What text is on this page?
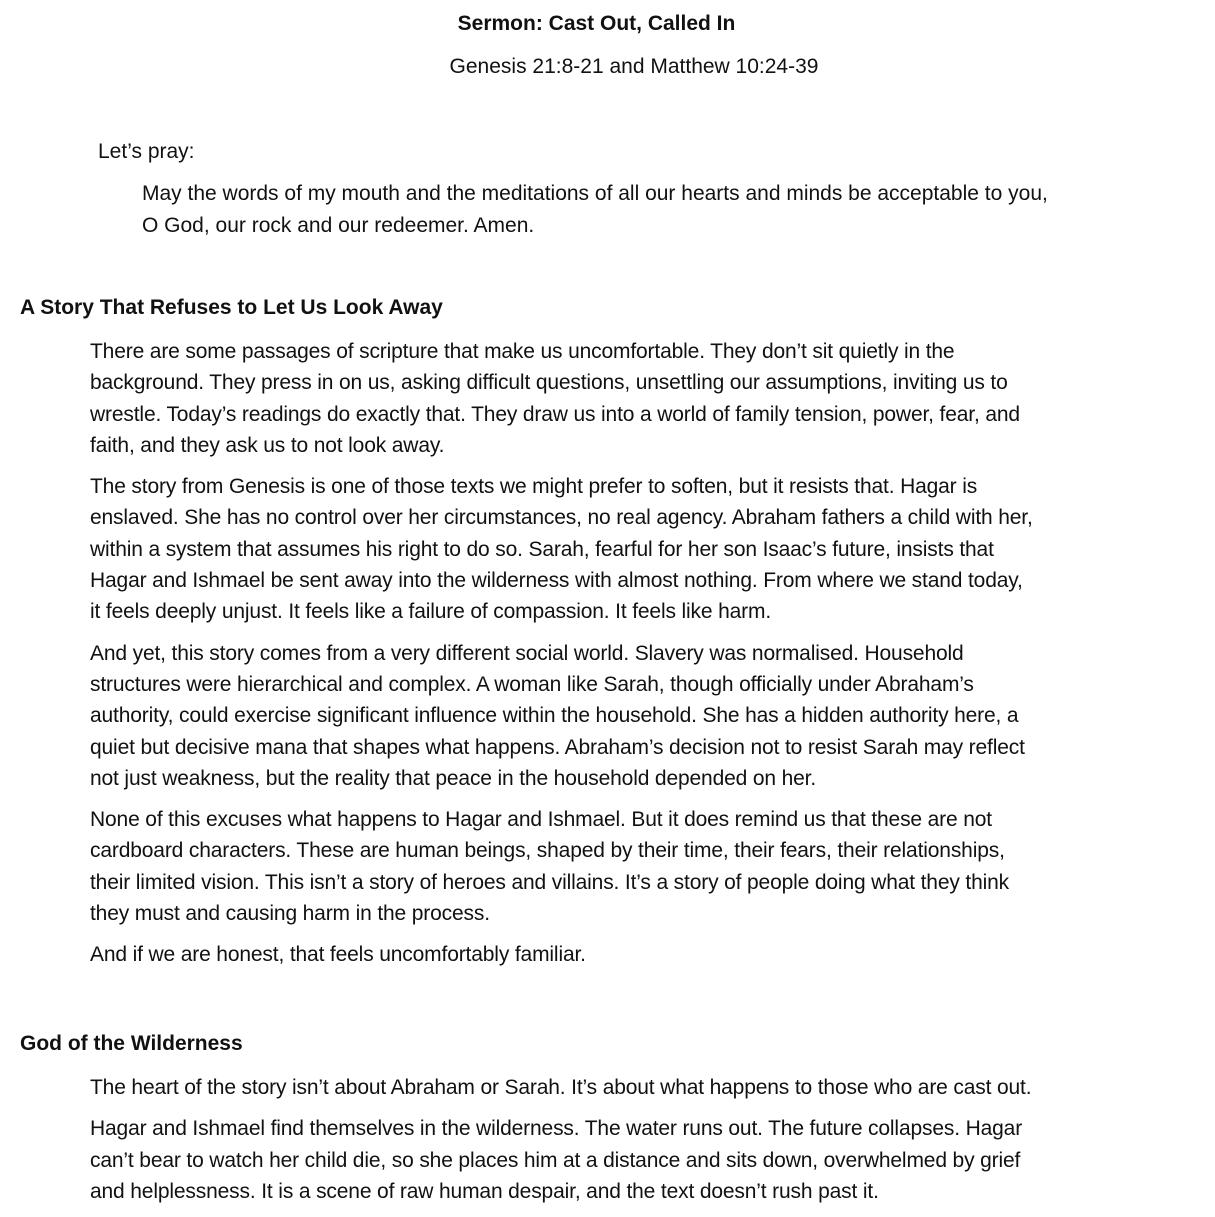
Sermon: Cast Out, Called In
Genesis 21:8-21 and Matthew 10:24-39
Let’s pray:
May the words of my mouth and the meditations of all our hearts and minds be acceptable to you,
O God, our rock and our redeemer. Amen.
A Story That Refuses to Let Us Look Away
There are some passages of scripture that make us uncomfortable. They don’t sit quietly in the
background. They press in on us, asking difficult questions, unsettling our assumptions, inviting us to
wrestle. Today’s readings do exactly that. They draw us into a world of family tension, power, fear, and
faith, and they ask us to not look away.
The story from Genesis is one of those texts we might prefer to soften, but it resists that. Hagar is
enslaved. She has no control over her circumstances, no real agency. Abraham fathers a child with her,
within a system that assumes his right to do so. Sarah, fearful for her son Isaac’s future, insists that
Hagar and Ishmael be sent away into the wilderness with almost nothing. From where we stand today,
it feels deeply unjust. It feels like a failure of compassion. It feels like harm.
And yet, this story comes from a very different social world. Slavery was normalised. Household
structures were hierarchical and complex. A woman like Sarah, though officially under Abraham’s
authority, could exercise significant influence within the household. She has a hidden authority here, a
quiet but decisive mana that shapes what happens. Abraham’s decision not to resist Sarah may reflect
not just weakness, but the reality that peace in the household depended on her.
None of this excuses what happens to Hagar and Ishmael. But it does remind us that these are not
cardboard characters. These are human beings, shaped by their time, their fears, their relationships,
their limited vision. This isn’t a story of heroes and villains. It’s a story of people doing what they think
they must and causing harm in the process.
And if we are honest, that feels uncomfortably familiar.
God of the Wilderness
The heart of the story isn’t about Abraham or Sarah. It’s about what happens to those who are cast out.
Hagar and Ishmael find themselves in the wilderness. The water runs out. The future collapses. Hagar
can’t bear to watch her child die, so she places him at a distance and sits down, overwhelmed by grief
and helplessness. It is a scene of raw human despair, and the text doesn’t rush past it.
